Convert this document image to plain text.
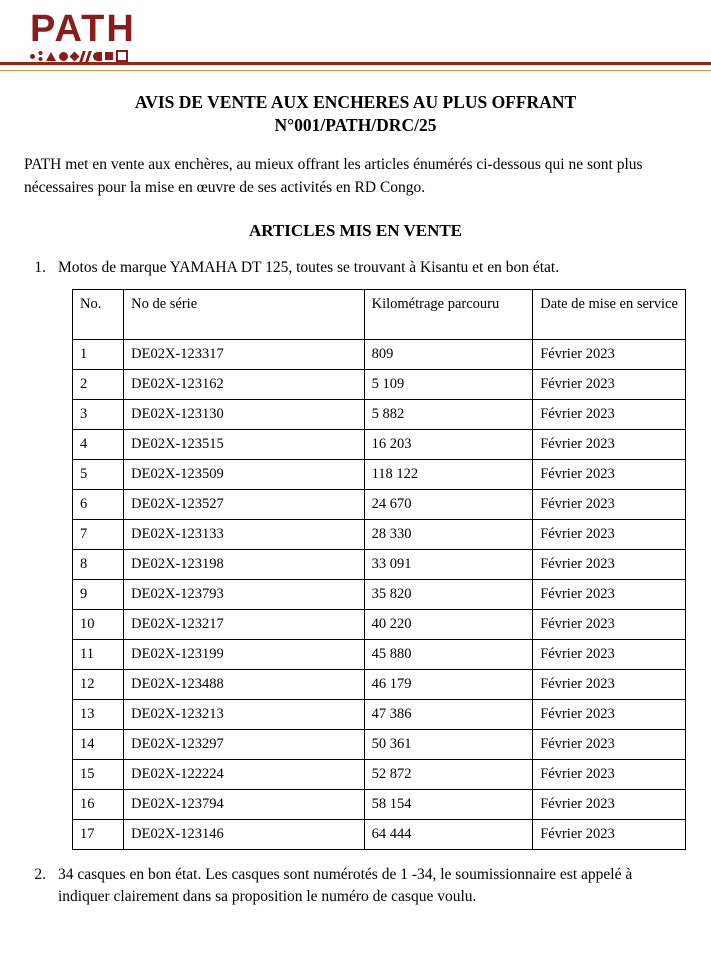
PATH
AVIS DE VENTE AUX ENCHERES AU PLUS OFFRANT
N°001/PATH/DRC/25

PATH met en vente aux enchères, au mieux offrant les articles énumérés ci-dessous qui ne sont plus nécessaires pour la mise en œuvre de ses activités en RD Congo.

ARTICLES MIS EN VENTE
1. Motos de marque YAMAHA DT 125, toutes se trouvant à Kisantu et en bon état.
No.	No de série	Kilométrage parcouru	Date de mise en service
1	DE02X-123317	809	Février 2023
2	DE02X-123162	5 109	Février 2023
3	DE02X-123130	5 882	Février 2023
4	DE02X-123515	16 203	Février 2023
5	DE02X-123509	118 122	Février 2023
6	DE02X-123527	24 670	Février 2023
7	DE02X-123133	28 330	Février 2023
8	DE02X-123198	33 091	Février 2023
9	DE02X-123793	35 820	Février 2023
10	DE02X-123217	40 220	Février 2023
11	DE02X-123199	45 880	Février 2023
12	DE02X-123488	46 179	Février 2023
13	DE02X-123213	47 386	Février 2023
14	DE02X-123297	50 361	Février 2023
15	DE02X-122224	52 872	Février 2023
16	DE02X-123794	58 154	Février 2023
17	DE02X-123146	64 444	Février 2023
2. 34 casques en bon état. Les casques sont numérotés de 1 -34, le soumissionnaire est appelé à indiquer clairement dans sa proposition le numéro de casque voulu.
